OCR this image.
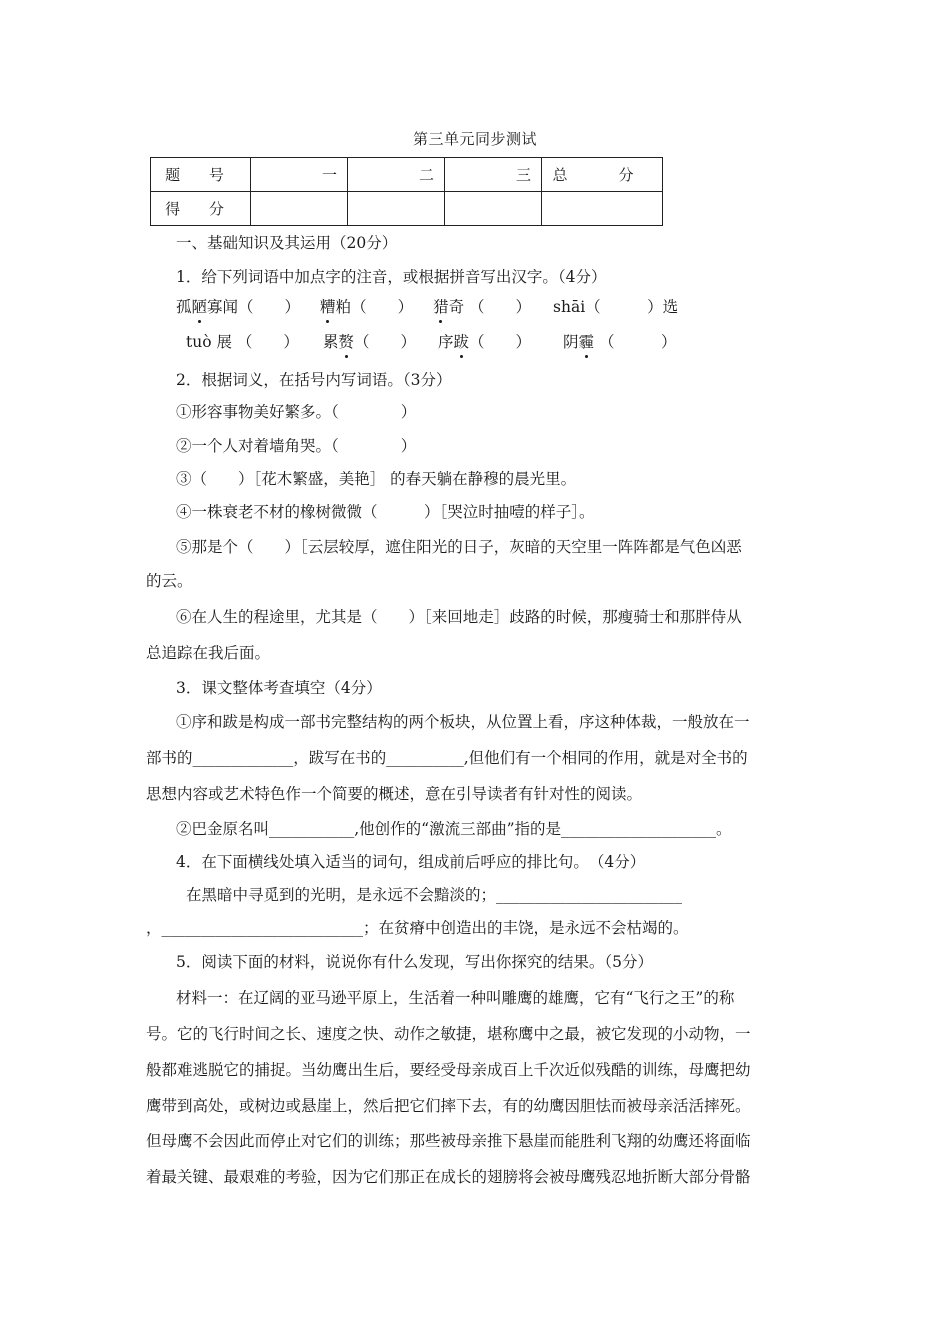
第三单元同步测试
题 号	一	二	三	总　分
得 分				
一、基础知识及其运用（20分）
1．给下列词语中加点字的注音，或根据拼音写出汉字。（4分）
孤陋寡闻（　　） 糟粕（　　） 猎奇 （　　） shāi（　　　）选
tuò 展 （　　） 累赘（　　） 序跋（　　） 阴霾 （　　　）
2．根据词义，在括号内写词语。（3分）
①形容事物美好繁多。（　　　　）
②一个人对着墙角哭。（　　　　）
③（　　）［花木繁盛，美艳］ 的春天躺在静穆的晨光里。
④一株衰老不材的橡树微微（　　　）［哭泣时抽噎的样子］。
⑤那是个（　　）［云层较厚，遮住阳光的日子，灰暗的天空里一阵阵都是气色凶恶
的云。
⑥在人生的程途里，尤其是（　　）［来回地走］歧路的时候，那瘦骑士和那胖侍从
总追踪在我后面。
3．课文整体考查填空（4分）
①序和跋是构成一部书完整结构的两个板块，从位置上看，序这种体裁，一般放在一
部书的_____________，跋写在书的__________,但他们有一个相同的作用，就是对全书的
思想内容或艺术特色作一个简要的概述，意在引导读者有针对性的阅读。
②巴金原名叫___________,他创作的“激流三部曲”指的是____________________。
4．在下面横线处填入适当的词句，组成前后呼应的排比句。　（4分）
在黑暗中寻觅到的光明，是永远不会黯淡的；________________________
，__________________________；在贫瘠中创造出的丰饶，是永远不会枯竭的。
5．阅读下面的材料，说说你有什么发现，写出你探究的结果。（5分）
材料一：在辽阔的亚马逊平原上，生活着一种叫雕鹰的雄鹰，它有“飞行之王”的称
号。它的飞行时间之长、速度之快、动作之敏捷，堪称鹰中之最，被它发现的小动物，一
般都难逃脱它的捕捉。当幼鹰出生后，要经受母亲成百上千次近似残酷的训练，母鹰把幼
鹰带到高处，或树边或悬崖上，然后把它们摔下去，有的幼鹰因胆怯而被母亲活活摔死。
但母鹰不会因此而停止对它们的训练；那些被母亲推下悬崖而能胜利飞翔的幼鹰还将面临
着最关键、最艰难的考验，因为它们那正在成长的翅膀将会被母鹰残忍地折断大部分骨骼
